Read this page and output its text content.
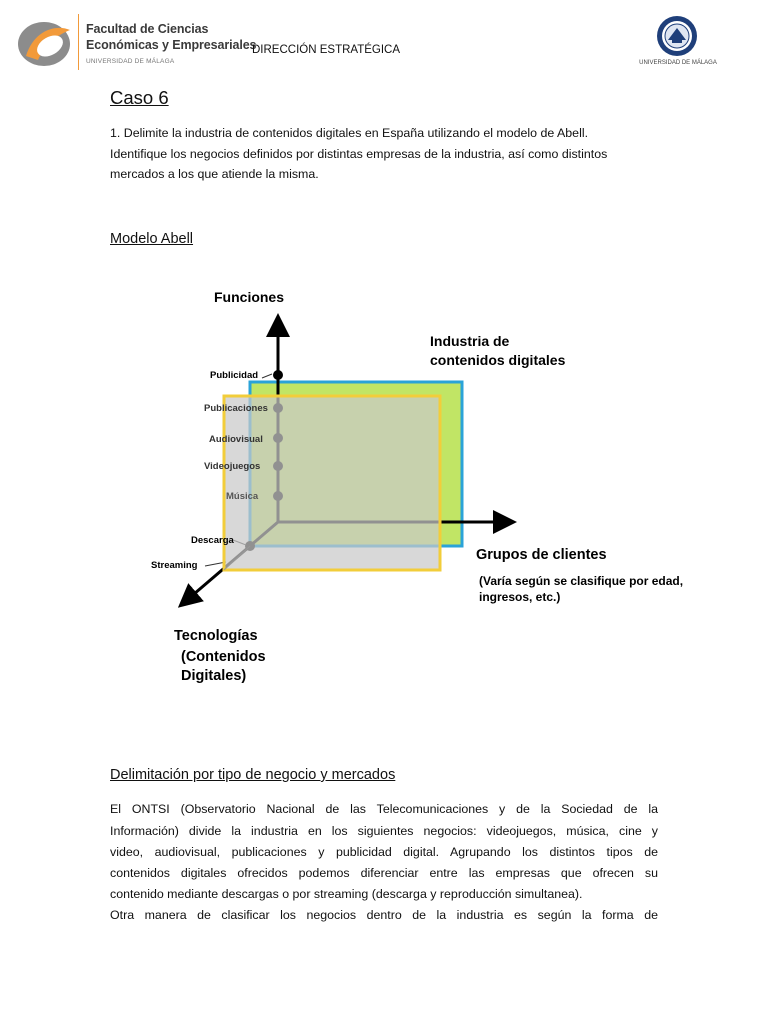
Facultad de Ciencias
Económicas y Empresariales
UNIVERSIDAD DE MÁLAGA
DIRECCIÓN ESTRATÉGICA
UNIVERSIDAD DE MÁLAGA
Caso 6
1. Delimite la industria de contenidos digitales en España utilizando el modelo de Abell.
Identifique los negocios definidos por distintas empresas de la industria, así como distintos
mercados a los que atiende la misma.
Modelo Abell
Funciones
Industria de
contenidos digitales
Grupos de clientes
(Varía según se clasifique por edad,
ingresos, etc.)
Tecnologías
(Contenidos
Digitales)
Publicidad
Publicaciones
Audiovisual
Videojuegos
Música
Descarga
Streaming
Delimitación por tipo de negocio y mercados
El ONTSI (Observatorio Nacional de las Telecomunicaciones y de la Sociedad de la
Información) divide la industria en los siguientes negocios: videojuegos, música, cine y
video, audiovisual, publicaciones y publicidad digital. Agrupando los distintos tipos de
contenidos digitales ofrecidos podemos diferenciar entre las empresas que ofrecen su
contenido mediante descargas o por streaming (descarga y reproducción simultanea).
Otra manera de clasificar los negocios dentro de la industria es según la forma de
